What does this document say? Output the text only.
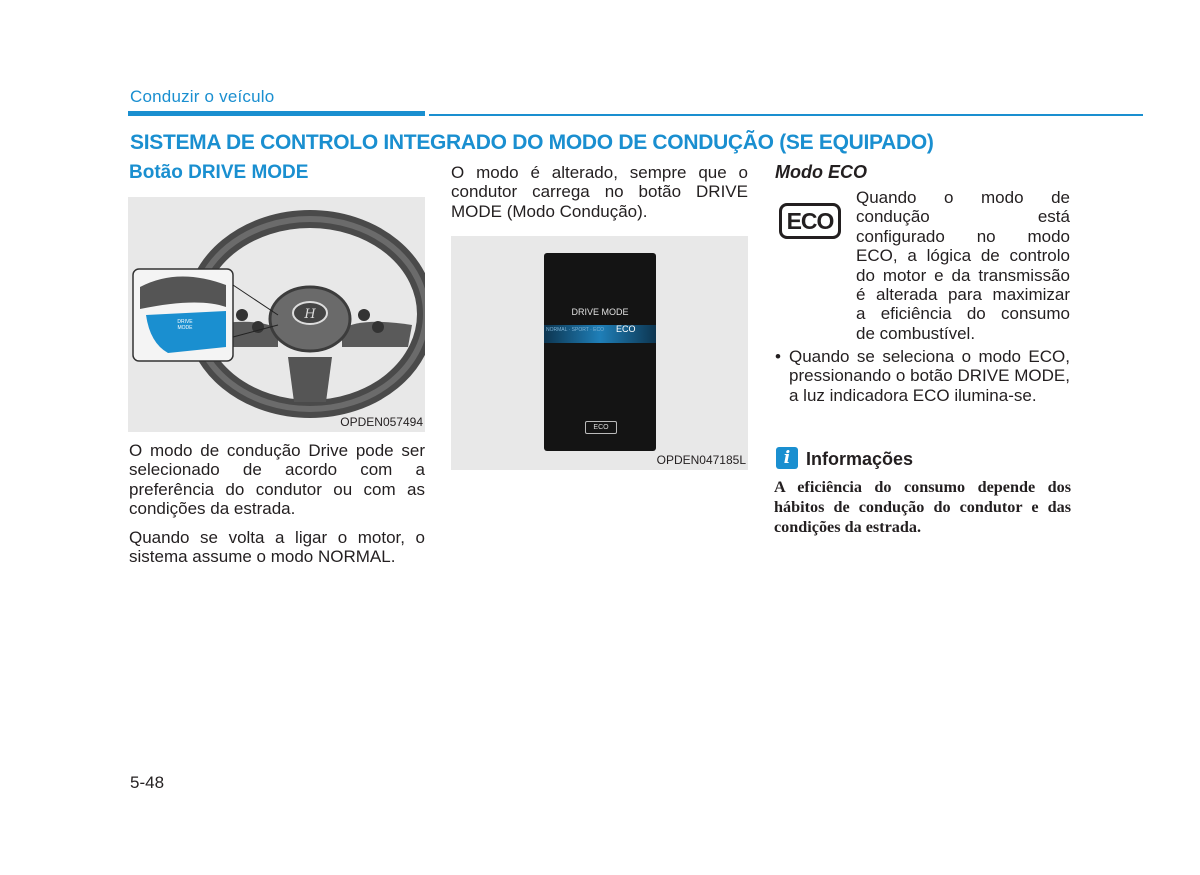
Conduzir o veículo
SISTEMA DE CONTROLO INTEGRADO DO MODO DE CONDUÇÃO (SE EQUIPADO)
Botão DRIVE MODE
H
DRIVE MODE
OPDEN057494

O modo de condução Drive pode ser selecionado de acordo com a preferência do condutor ou com as condições da estrada.

Quando se volta a ligar o motor, o sistema assume o modo NORMAL.

O modo é alterado, sempre que o condutor carrega no botão DRIVE MODE (Modo Condução).

DRIVE MODE
NORMAL · SPORT · ECO	ECO
ECO
OPDEN047185L
Modo ECO
ECO
Quando o modo de
condução está
configurado no modo
ECO, a lógica de controlo
do motor e da transmissão
é alterada para maximizar
a eficiência do consumo
de combustível.
• Quando se seleciona o modo ECO, pressionando o botão DRIVE MODE, a luz indicadora ECO ilumina-se.
i Informações
A eficiência do consumo depende dos hábitos de condução do condutor e das condições da estrada.
5-48
